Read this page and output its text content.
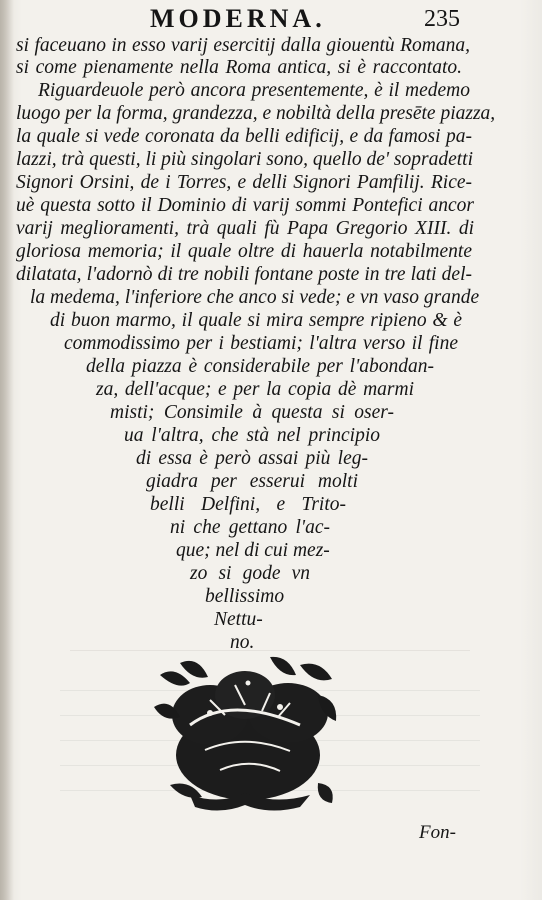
MODERNA.	235
si faceuano in esso varij esercitij dalla giouentù Romana,
si come pienamente nella Roma antica, si è raccontato.
Riguardeuole però ancora presentemente, è il medemo
luogo per la forma, grandezza, e nobiltà della presēte piazza,
la quale si vede coronata da belli edificij, e da famosi pa-
lazzi, trà questi, li più singolari sono, quello de' sopradetti
Signori Orsini, de i Torres, e delli Signori Pamfilij. Rice-
uè questa sotto il Dominio di varij sommi Pontefici ancor
varij meglioramenti, trà quali fù Papa Gregorio XIII. di
gloriosa memoria; il quale oltre di hauerla notabilmente
dilatata, l'adornò di tre nobili fontane poste in tre lati del-
la medema, l'inferiore che anco si vede; e vn vaso grande
di buon marmo, il quale si mira sempre ripieno & è
commodissimo per i bestiami; l'altra verso il fine
della piazza è considerabile per l'abondan-
za, dell'acque; e per la copia dè marmi
misti; Consimile à questa si oser-
ua l'altra, che stà nel principio
di essa è però assai più leg-
giadra per esserui molti
belli Delfini, e Trito-
ni che gettano l'ac-
que; nel di cui mez-
zo si gode vn
bellissimo
Nettu-
no.
Fon-
